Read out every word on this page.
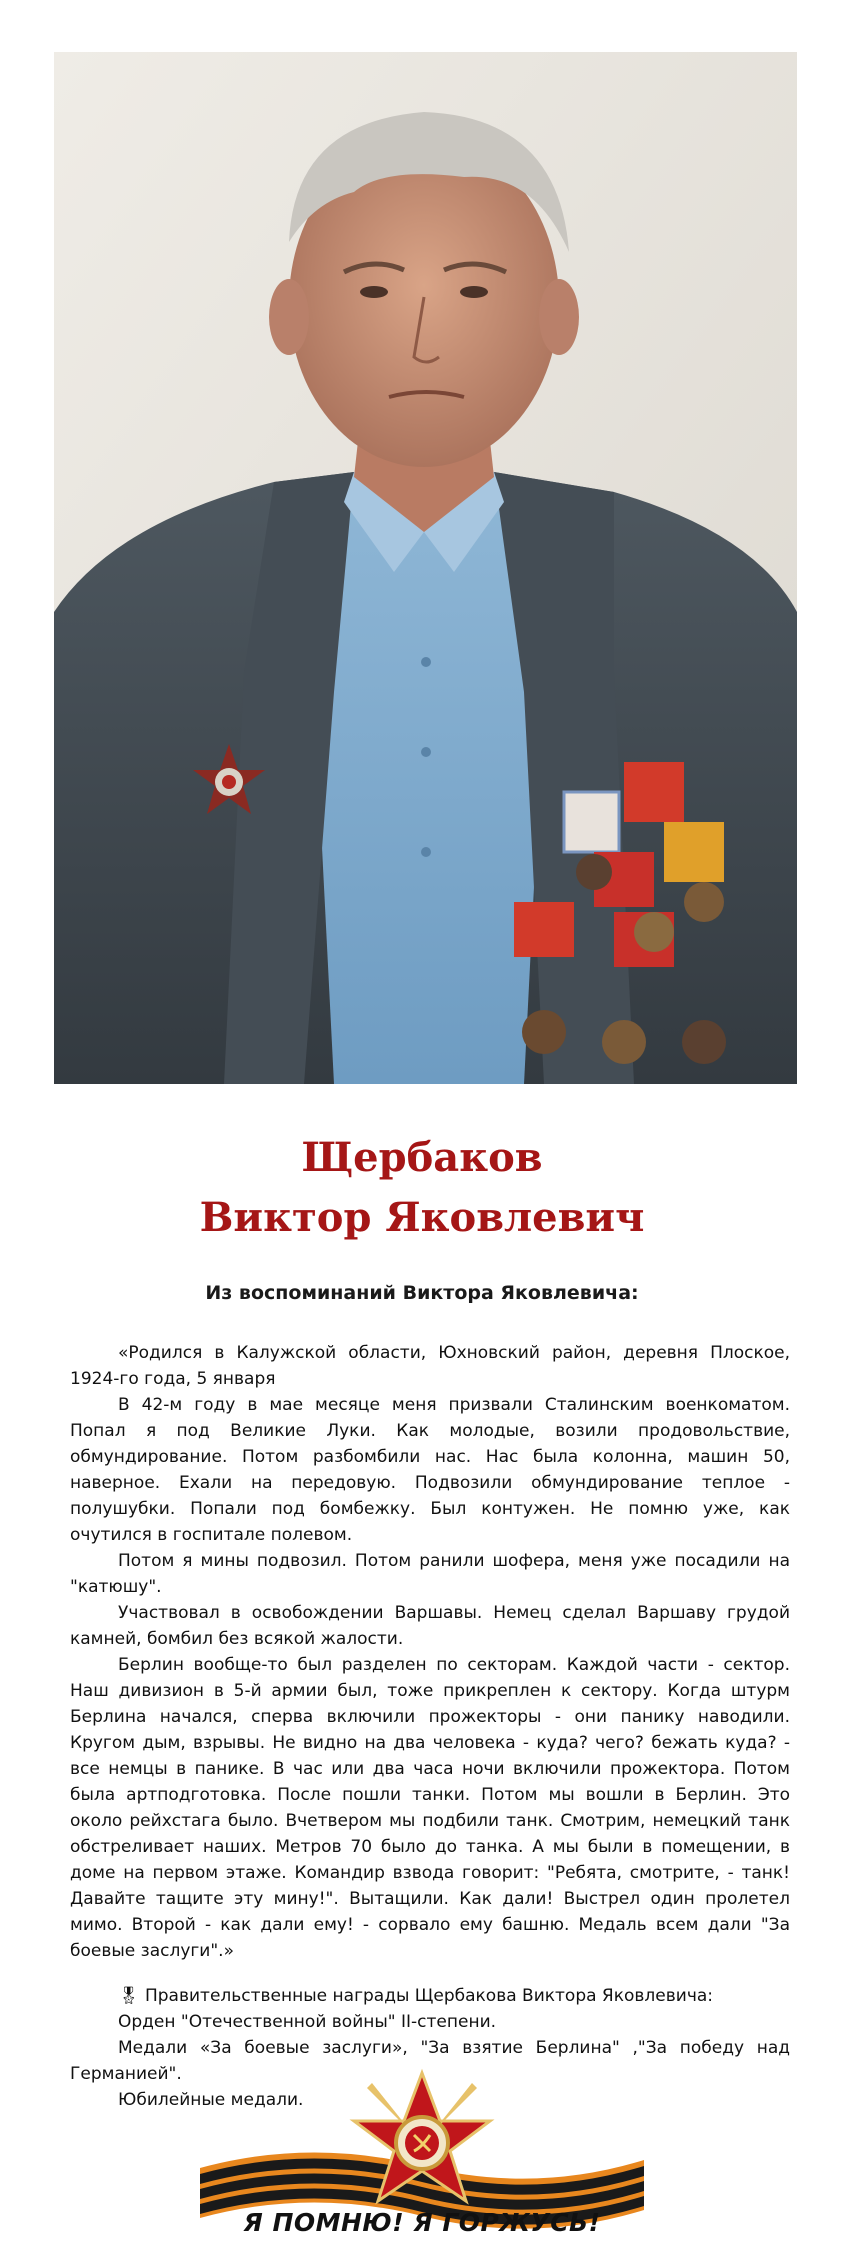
Щербаков
Виктор Яковлевич
Из воспоминаний Виктора Яковлевича:

«Родился в Калужской области, Юхновский район, деревня Плоское, 1924-го года, 5 января

В 42-м году в мае месяце меня призвали Сталинским военкоматом. Попал я под Великие Луки. Как молодые, возили продовольствие, обмундирование. Потом разбомбили нас. Нас была колонна, машин 50, наверное. Ехали на передовую. Подвозили обмундирование теплое - полушубки. Попали под бомбежку. Был контужен. Не помню уже, как очутился в госпитале полевом.

Потом я мины подвозил. Потом ранили шофера, меня уже посадили на "катюшу".

Участвовал в освобождении Варшавы. Немец сделал Варшаву грудой камней, бомбил без всякой жалости.

Берлин вообще-то был разделен по секторам. Каждой части - сектор. Наш дивизион в 5-й армии был, тоже прикреплен к сектору. Когда штурм Берлина начался, сперва включили прожекторы - они панику наводили. Кругом дым, взрывы. Не видно на два человека - куда? чего? бежать куда? - все немцы в панике. В час или два часа ночи включили прожектора. Потом была артподготовка. После пошли танки. Потом мы вошли в Берлин. Это около рейхстага было. Вчетвером мы подбили танк. Смотрим, немецкий танк обстреливает наших. Метров 70 было до танка. А мы были в помещении, в доме на первом этаже. Командир взвода говорит: "Ребята, смотрите, - танк! Давайте тащите эту мину!". Вытащили. Как дали! Выстрел один пролетел мимо. Второй - как дали ему! - сорвало ему башню. Медаль всем дали "За боевые заслуги".»

🎖 Правительственные награды Щербакова Виктора Яковлевича:

Орден "Отечественной войны" II-степени.

Медали «За боевые заслуги», "За взятие Берлина" ,"За победу над Германией".

Юбилейные медали.

Я ПОМНЮ! Я ГОРЖУСЬ!
